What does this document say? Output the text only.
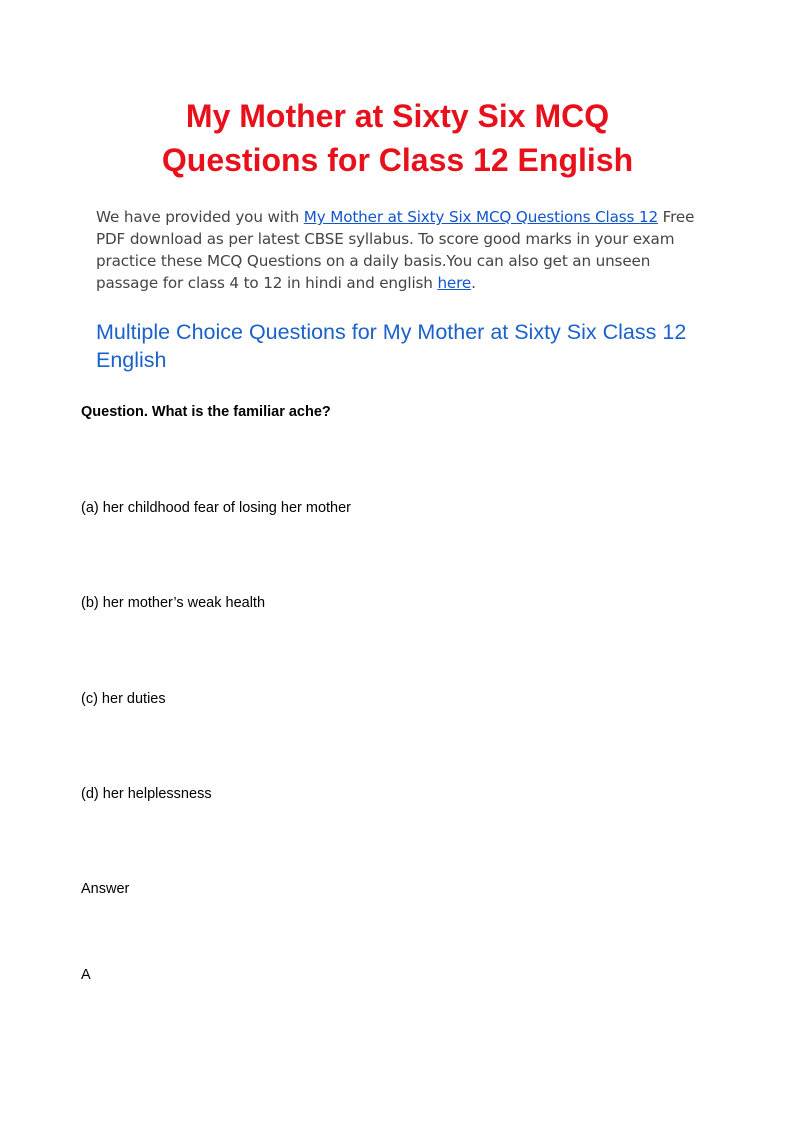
My Mother at Sixty Six MCQ
Questions for Class 12 English

We have provided you with My Mother at Sixty Six MCQ Questions Class 12 Free PDF download as per latest CBSE syllabus. To score good marks in your exam practice these MCQ Questions on a daily basis.You can also get an unseen passage for class 4 to 12 in hindi and english here.

Multiple Choice Questions for My Mother at Sixty Six Class 12 English

Question. What is the familiar ache?

(a) her childhood fear of losing her mother

(b) her mother’s weak health

(c) her duties

(d) her helplessness

Answer

A
